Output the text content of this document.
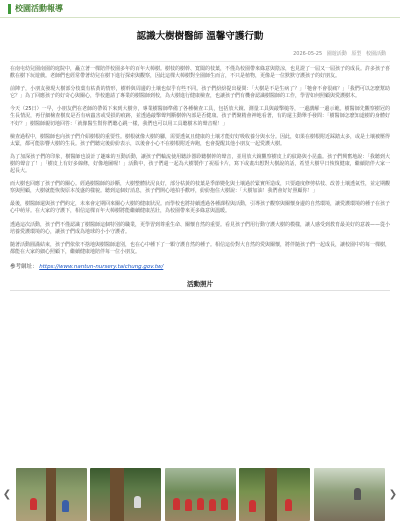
校園活動報導
認識大樹樹醫師 溫馨守護行動
2026-05-25 園遊活動 原型 校園活動

在南屯幼兒園南園的庭院中，矗立著一棵陪伴校園多年的百年大樟樹。樹枝的樹幹、寬闊的枝葉，不僅為校園帶來綠意與陰涼，也見證了一屆又一屆孩子的成長。許多孩子喜歡在樹下玩遊戲。老師們也經常帶著幼兒在樹下進行探索與觀察，因此這棵大樟樹對全園師生而言，不只是植物，更像是一位默默守護孩子的好朋友。

前陣子，小朋友發現大樹部分枝葉有枯黃的情形，樹幹與周邊的土壤也似乎有些不同。孩子們紛紛提出疑問：「大樹是不是生病了？」「牠會不會很痛？」「我們可以怎麼幫助它？」為了回應孩子的好奇心與關心，學校邀請了專業的樹醫師到校，為大樹進行健康檢查，也讓孩子們有機會認識樹醫師的工作，學習如何照顧與愛護樹木。

今天（25日）一早，小朋友們在老師的帶領下來到大樹旁，專業樹醫師準備了各種檢查工具，包括放大鏡、測量工具與敲擊槌等，一邊講解一邊示範。樹醫師先觀察樹冠的生長情況，再仔細檢查樹皮是否有病蟲害或受損的痕跡，並透過敲擊聲判斷樹幹內部是否健康。孩子們聚精會神地看著，有的還主動舉手發問：「樹醫師怎麼知道樹的身體好不好？」樹醫師親切地回答：「就像醫生幫你們聽心跳一樣，我們也可以用工具聽樹木的聲音喔！」

檢查過程中，樹醫師也向孩子們介紹樹根的重要性。樹根就像大樹的腳，需要透氣且健康的土壤才能好好吸收養分與水分。因此，如果在樹根附近踩踏太多，或是土壤被壓得太緊，都可能影響大樹的生長。孩子們聽完後紛紛表示，以後會小心不在樹根附近奔跑，也會提醒其他小朋友一起愛護大樹。

為了加深孩子們的印象，樹醫師也設計了趣味的互動活動，讓孩子們輪流使用聽診器聆聽樹幹的聲音，並用放大鏡觀察樹皮上的紋路與小昆蟲。孩子們興奮地說：「我聽到大樹的聲音了！」「樹皮上有好多線條，好像地圖喔！」活動中，孩子們還一起為大樹製作了祝福卡片，寫下或畫出想對大樹說的話，希望大樹早日恢復健康，繼續陪伴大家一起長大。

而大樹也回應了孩子們的關心。經過樹醫師的診斷，大樹整體狀況良好，部分枯黃的枝葉是季節變化與土壤過於緊實所造成，只要適度修剪枯枝、改善土壤透氣性，並定期觀察與照顧，大樹就能恢復原本茂盛的樣貌。聽到這個好消息，孩子們開心地拍手歡呼，紛紛抱住大樹說：「大樹加油！我們會好好照顧你！」

最後，樹醫師還與孩子們約定，未來會定期回來關心大樹的健康狀況。而學校也將持續透過各種課程與活動，引導孩子觀察與關懷身邊的自然環境，讓愛護環境的種子在孩子心中萌芽。在大家的守護下，相信這棵百年大樟樹將能繼續健康茁壯，為校園帶來更多綠意與溫暖。

透過這次活動，孩子們不僅認識了樹醫師這個特別的職業，更學習到尊重生命、關懷自然的重要。看見孩子們用行動守護大樹的模樣，讓人感受到教育最美好的意義——從小培養愛護環境的心，讓孩子們成為地球的小小守護者。

隨著活動圓滿結束，孩子們依依不捨地與樹醫師道別，也在心中種下了一顆守護自然的種子。相信這份對大自然的愛與關懷，將伴隨孩子們一起成長，讓校園中的每一棵樹，都能在大家的細心照顧下，繼續健康地陪伴每一位小朋友。

參考網址： https://www.nantun-nursery.taichung.gov.tw/
活動照片
❮	❯
